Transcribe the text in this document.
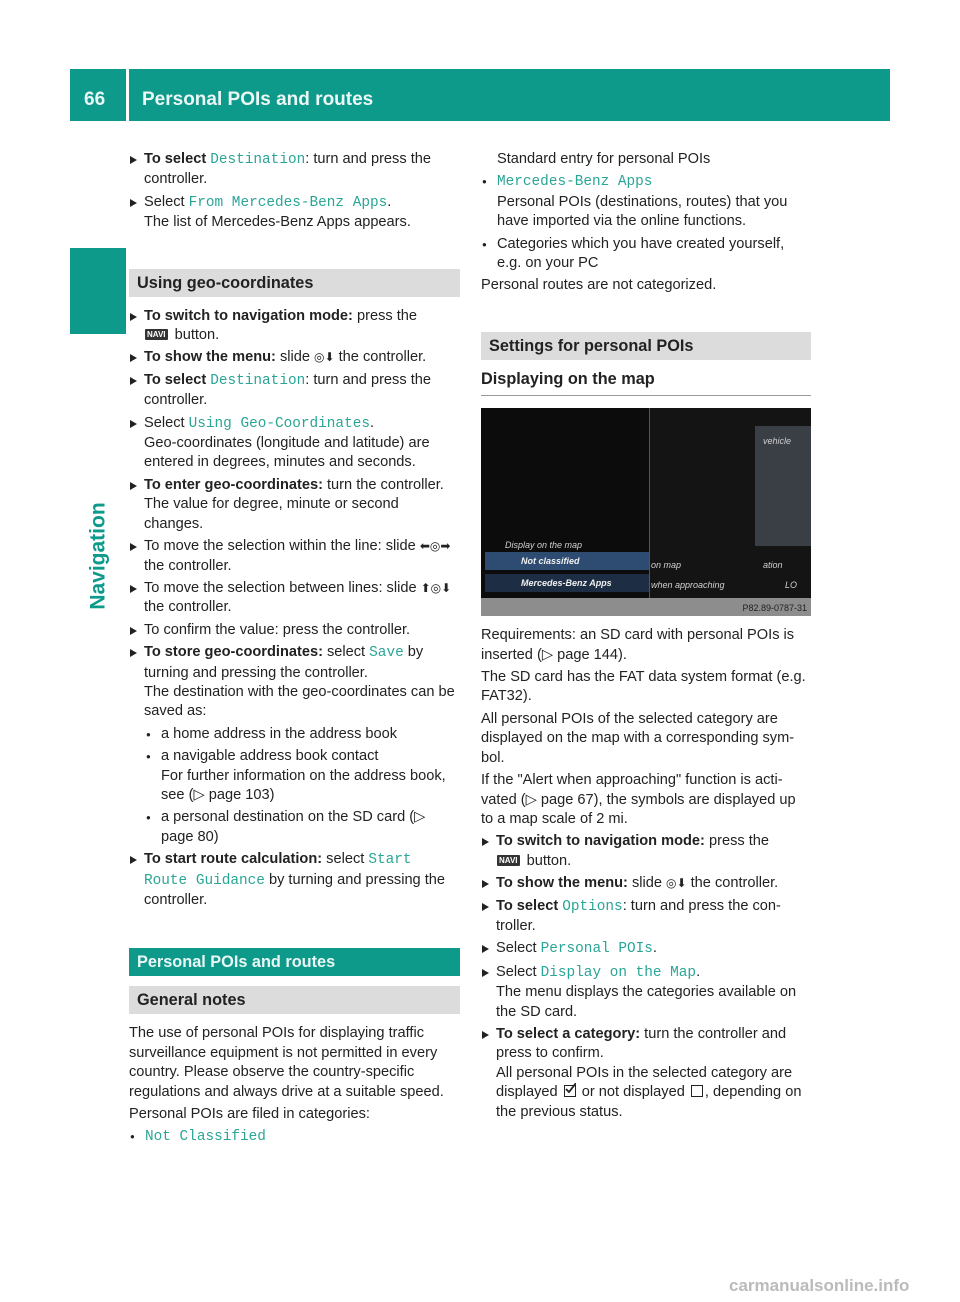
66 Personal POIs and routes
Navigation
To select Destination: turn and press the controller.
Select From Mercedes-Benz Apps.
The list of Mercedes-Benz Apps appears.
Using geo-coordinates
To switch to navigation mode: press the
NAVI button.
To show the menu: slide ◎⬇ the controller.
To select Destination: turn and press the controller.
Select Using Geo-Coordinates.
Geo-coordinates (longitude and latitude) are entered in degrees, minutes and seconds.
To enter geo-coordinates: turn the controller.
The value for degree, minute or second changes.
To move the selection within the line: slide ⬅◎➡ the controller.
To move the selection between lines: slide ⬆◎⬇ the controller.
To confirm the value: press the controller.
To store geo-coordinates: select Save by turning and pressing the controller.
The destination with the geo-coordinates can be saved as:
● a home address in the address book
● a navigable address book contact
For further information on the address book, see (▷ page 103)
● a personal destination on the SD card (▷ page 80)
To start route calculation: select Start Route Guidance by turning and pressing the controller.
Personal POIs and routes
General notes

The use of personal POIs for displaying traffic surveillance equipment is not permitted in every country. Please observe the country-specific regulations and always drive at a suitable speed.

Personal POIs are filed in categories:

● Not Classified

Standard entry for personal POIs

● Mercedes-Benz Apps
Personal POIs (destinations, routes) that you have imported via the online functions.
● Categories which you have created yourself, e.g. on your PC

Personal routes are not categorized.

Settings for personal POIs
Displaying on the map
Display on the map
Not classified
Mercedes-Benz Apps
on map
when approaching
vehicle
ation
LO
P82.89-0787-31

Requirements: an SD card with personal POIs is inserted (▷ page 144).

The SD card has the FAT data system format (e.g. FAT32).

All personal POIs of the selected category are displayed on the map with a corresponding symbol.

If the "Alert when approaching" function is activated (▷ page 67), the symbols are displayed up to a map scale of 2 mi.

To switch to navigation mode: press the
NAVI button.
To show the menu: slide ◎⬇ the controller.
To select Options: turn and press the controller.
Select Personal POIs.
Select Display on the Map.
The menu displays the categories available on the SD card.
To select a category: turn the controller and press to confirm.
All personal POIs in the selected category are displayed
or not displayed , depending on the previous status.
carmanualsonline.info
